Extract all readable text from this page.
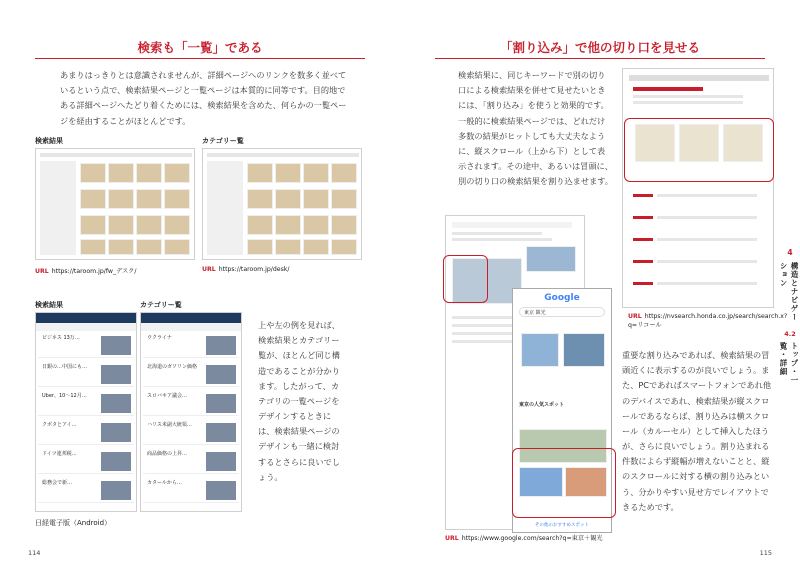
検索も「一覧」である
あまりはっきりとは意識されませんが、詳細ページへのリンクを数多く並べているという点で、検索結果ページと一覧ページは本質的に同等です。目的地である詳細ページへたどり着くためには、検索結果を含めた、何らかの一覧ページを経由することがほとんどです。
検索結果	カテゴリー覧
URL https://taroom.jp/fw_デスク/	URL https://taroom.jp/desk/
検索結果	カテゴリー覧
ビジネス 13万…
日銀の…中国にも…
Uber、10〜12月…
クボタとアイ…
ドイツ連邦税…
総務会で新…
ウクライナ
北海道のガソリン価格
スロバキア議会…
ハリス米副大統領…
商品価格の上昇…
カタールから…
日経電子版（Android）
上や左の例を見れば、検索結果とカテゴリー覧が、ほとんど同じ構造であることが分かります。したがって、カテゴリの一覧ページをデザインするときには、検索結果ページのデザインも一緒に検討するとさらに良いでしょう。
114
「割り込み」で他の切り口を見せる
検索結果に、同じキーワードで別の切り口による検索結果を併せて見せたいときには、「割り込み」を使うと効果的です。一般的に検索結果ページでは、どれだけ多数の結果がヒットしても大丈夫なように、縦スクロール（上から下）として表示されます。その途中、あるいは冒頭に、別の切り口の検索結果を割り込ませます。
URL https://nvsearch.honda.co.jp/search/search.x?q=リコール
Google
東京 観光
東京の人気スポット
その他のおすすめスポット
URL https://www.google.com/search?q=東京＋観光
重要な割り込みであれば、検索結果の冒頭近くに表示するのが良いでしょう。また、PCであればスマートフォンであれ他のデバイスであれ、検索結果が縦スクロールであるならば、割り込みは横スクロール（カルーセル）として挿入したほうが、さらに良いでしょう。割り込まれる件数によらず縦幅が増えないことと、縦のスクロールに対する横の割り込みという、分かりやすい見せ方でレイアウトできるためです。
115
4
構造とナビゲーション
4.2
トップ・一覧・詳細
